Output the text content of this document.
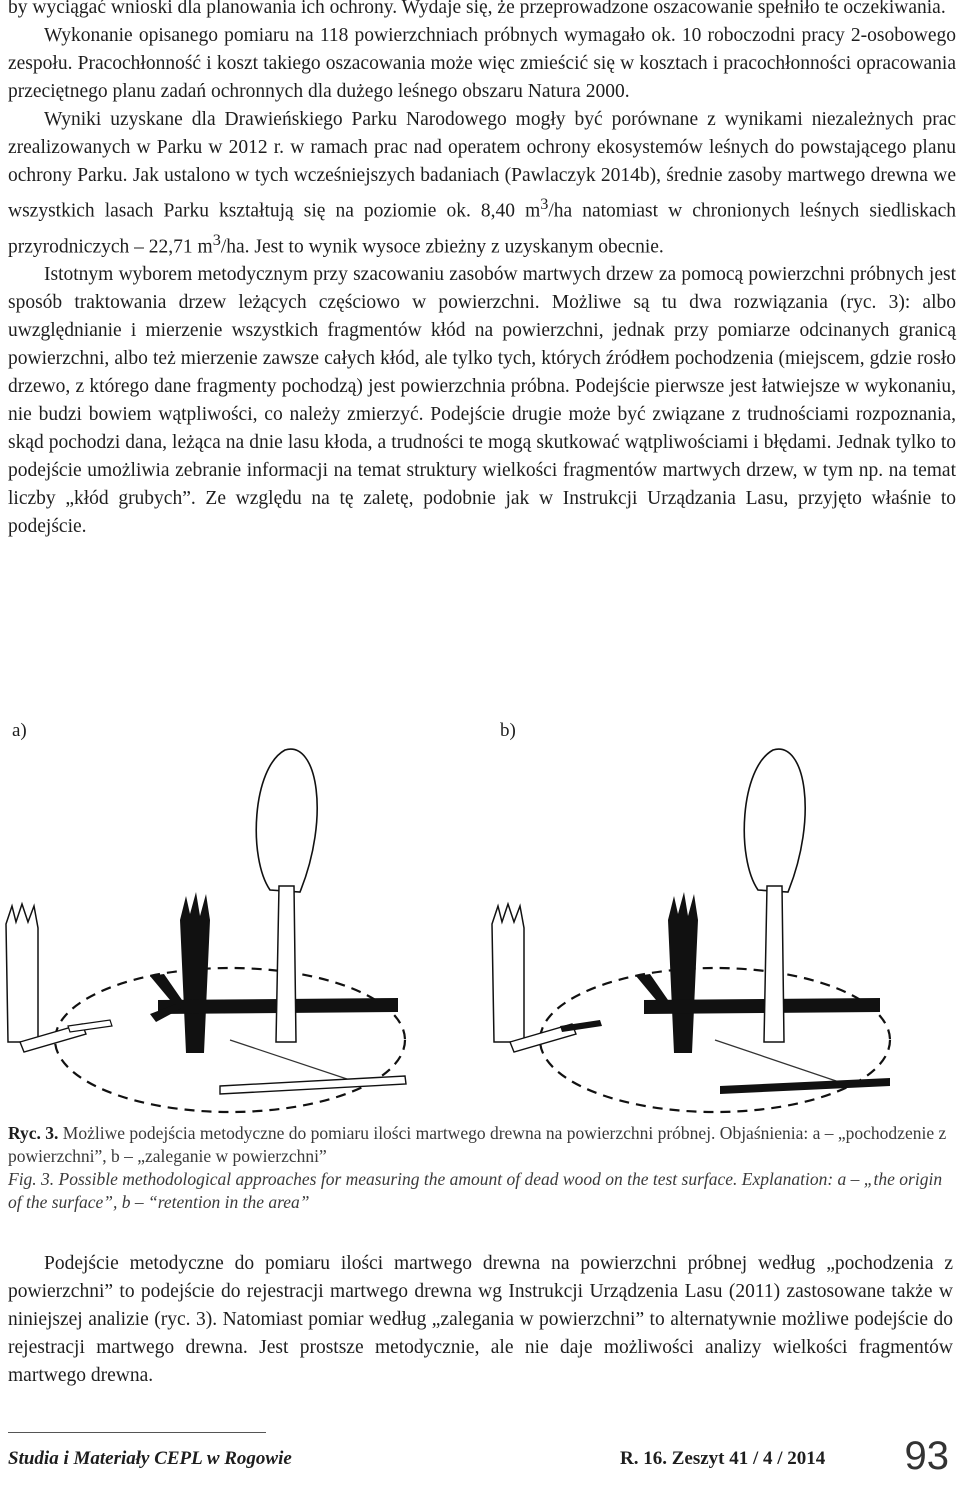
by wyciągać wnioski dla planowania ich ochrony. Wydaje się, że przeprowadzone oszacowanie spełniło te oczekiwania.

Wykonanie opisanego pomiaru na 118 powierzchniach próbnych wymagało ok. 10 roboczodni pracy 2-osobowego zespołu. Pracochłonność i koszt takiego oszacowania może więc zmieścić się w kosztach i pracochłonności opracowania przeciętnego planu zadań ochronnych dla dużego leśnego obszaru Natura 2000.

Wyniki uzyskane dla Drawieńskiego Parku Narodowego mogły być porównane z wynikami niezależnych prac zrealizowanych w Parku w 2012 r. w ramach prac nad operatem ochrony ekosystemów leśnych do powstającego planu ochrony Parku. Jak ustalono w tych wcześniejszych badaniach (Pawlaczyk 2014b), średnie zasoby martwego drewna we wszystkich lasach Parku kształtują się na poziomie ok. 8,40 $m^3/ha$ natomiast w chronionych leśnych siedliskach przyrodniczych – 22,71 $m^3/ha$. Jest to wynik wysoce zbieżny z uzyskanym obecnie.

Istotnym wyborem metodycznym przy szacowaniu zasobów martwych drzew za pomocą powierzchni próbnych jest sposób traktowania drzew leżących częściowo w powierzchni. Możliwe są tu dwa rozwiązania (ryc. 3): albo uwzględnianie i mierzenie wszystkich fragmentów kłód na powierzchni, jednak przy pomiarze odcinanych granicą powierzchni, albo też mierzenie zawsze całych kłód, ale tylko tych, których źródłem pochodzenia (miejscem, gdzie rosło drzewo, z którego dane fragmenty pochodzą) jest powierzchnia próbna. Podejście pierwsze jest łatwiejsze w wykonaniu, nie budzi bowiem wątpliwości, co należy zmierzyć. Podejście drugie może być związane z trudnościami rozpoznania, skąd pochodzi dana, leżąca na dnie lasu kłoda, a trudności te mogą skutkować wątpliwościami i błędami. Jednak tylko to podejście umożliwia zebranie informacji na temat struktury wielkości fragmentów martwych drzew, w tym np. na temat liczby „kłód grubych”. Ze względu na tę zaletę, podobnie jak w Instrukcji Urządzania Lasu, przyjęto właśnie to podejście.

a)	b)
Ryc. 3. Możliwe podejścia metodyczne do pomiaru ilości martwego drewna na powierzchni próbnej. Objaśnienia: a – „pochodzenie z powierzchni”, b – „zaleganie w powierzchni”
Fig. 3. Possible methodological approaches for measuring the amount of dead wood on the test surface. Explanation: a – „the origin of the surface”, b – “retention in the area”

Podejście metodyczne do pomiaru ilości martwego drewna na powierzchni próbnej według „pochodzenia z powierzchni” to podejście do rejestracji martwego drewna wg Instrukcji Urządzenia Lasu (2011) zastosowane także w niniejszej analizie (ryc. 3). Natomiast pomiar według „zalegania w powierzchni” to alternatywnie możliwe podejście do rejestracji martwego drewna. Jest prostsze metodycznie, ale nie daje możliwości analizy wielkości fragmentów martwego drewna.

Studia i Materiały CEPL w Rogowie	R. 16. Zeszyt 41 / 4 / 2014 93
